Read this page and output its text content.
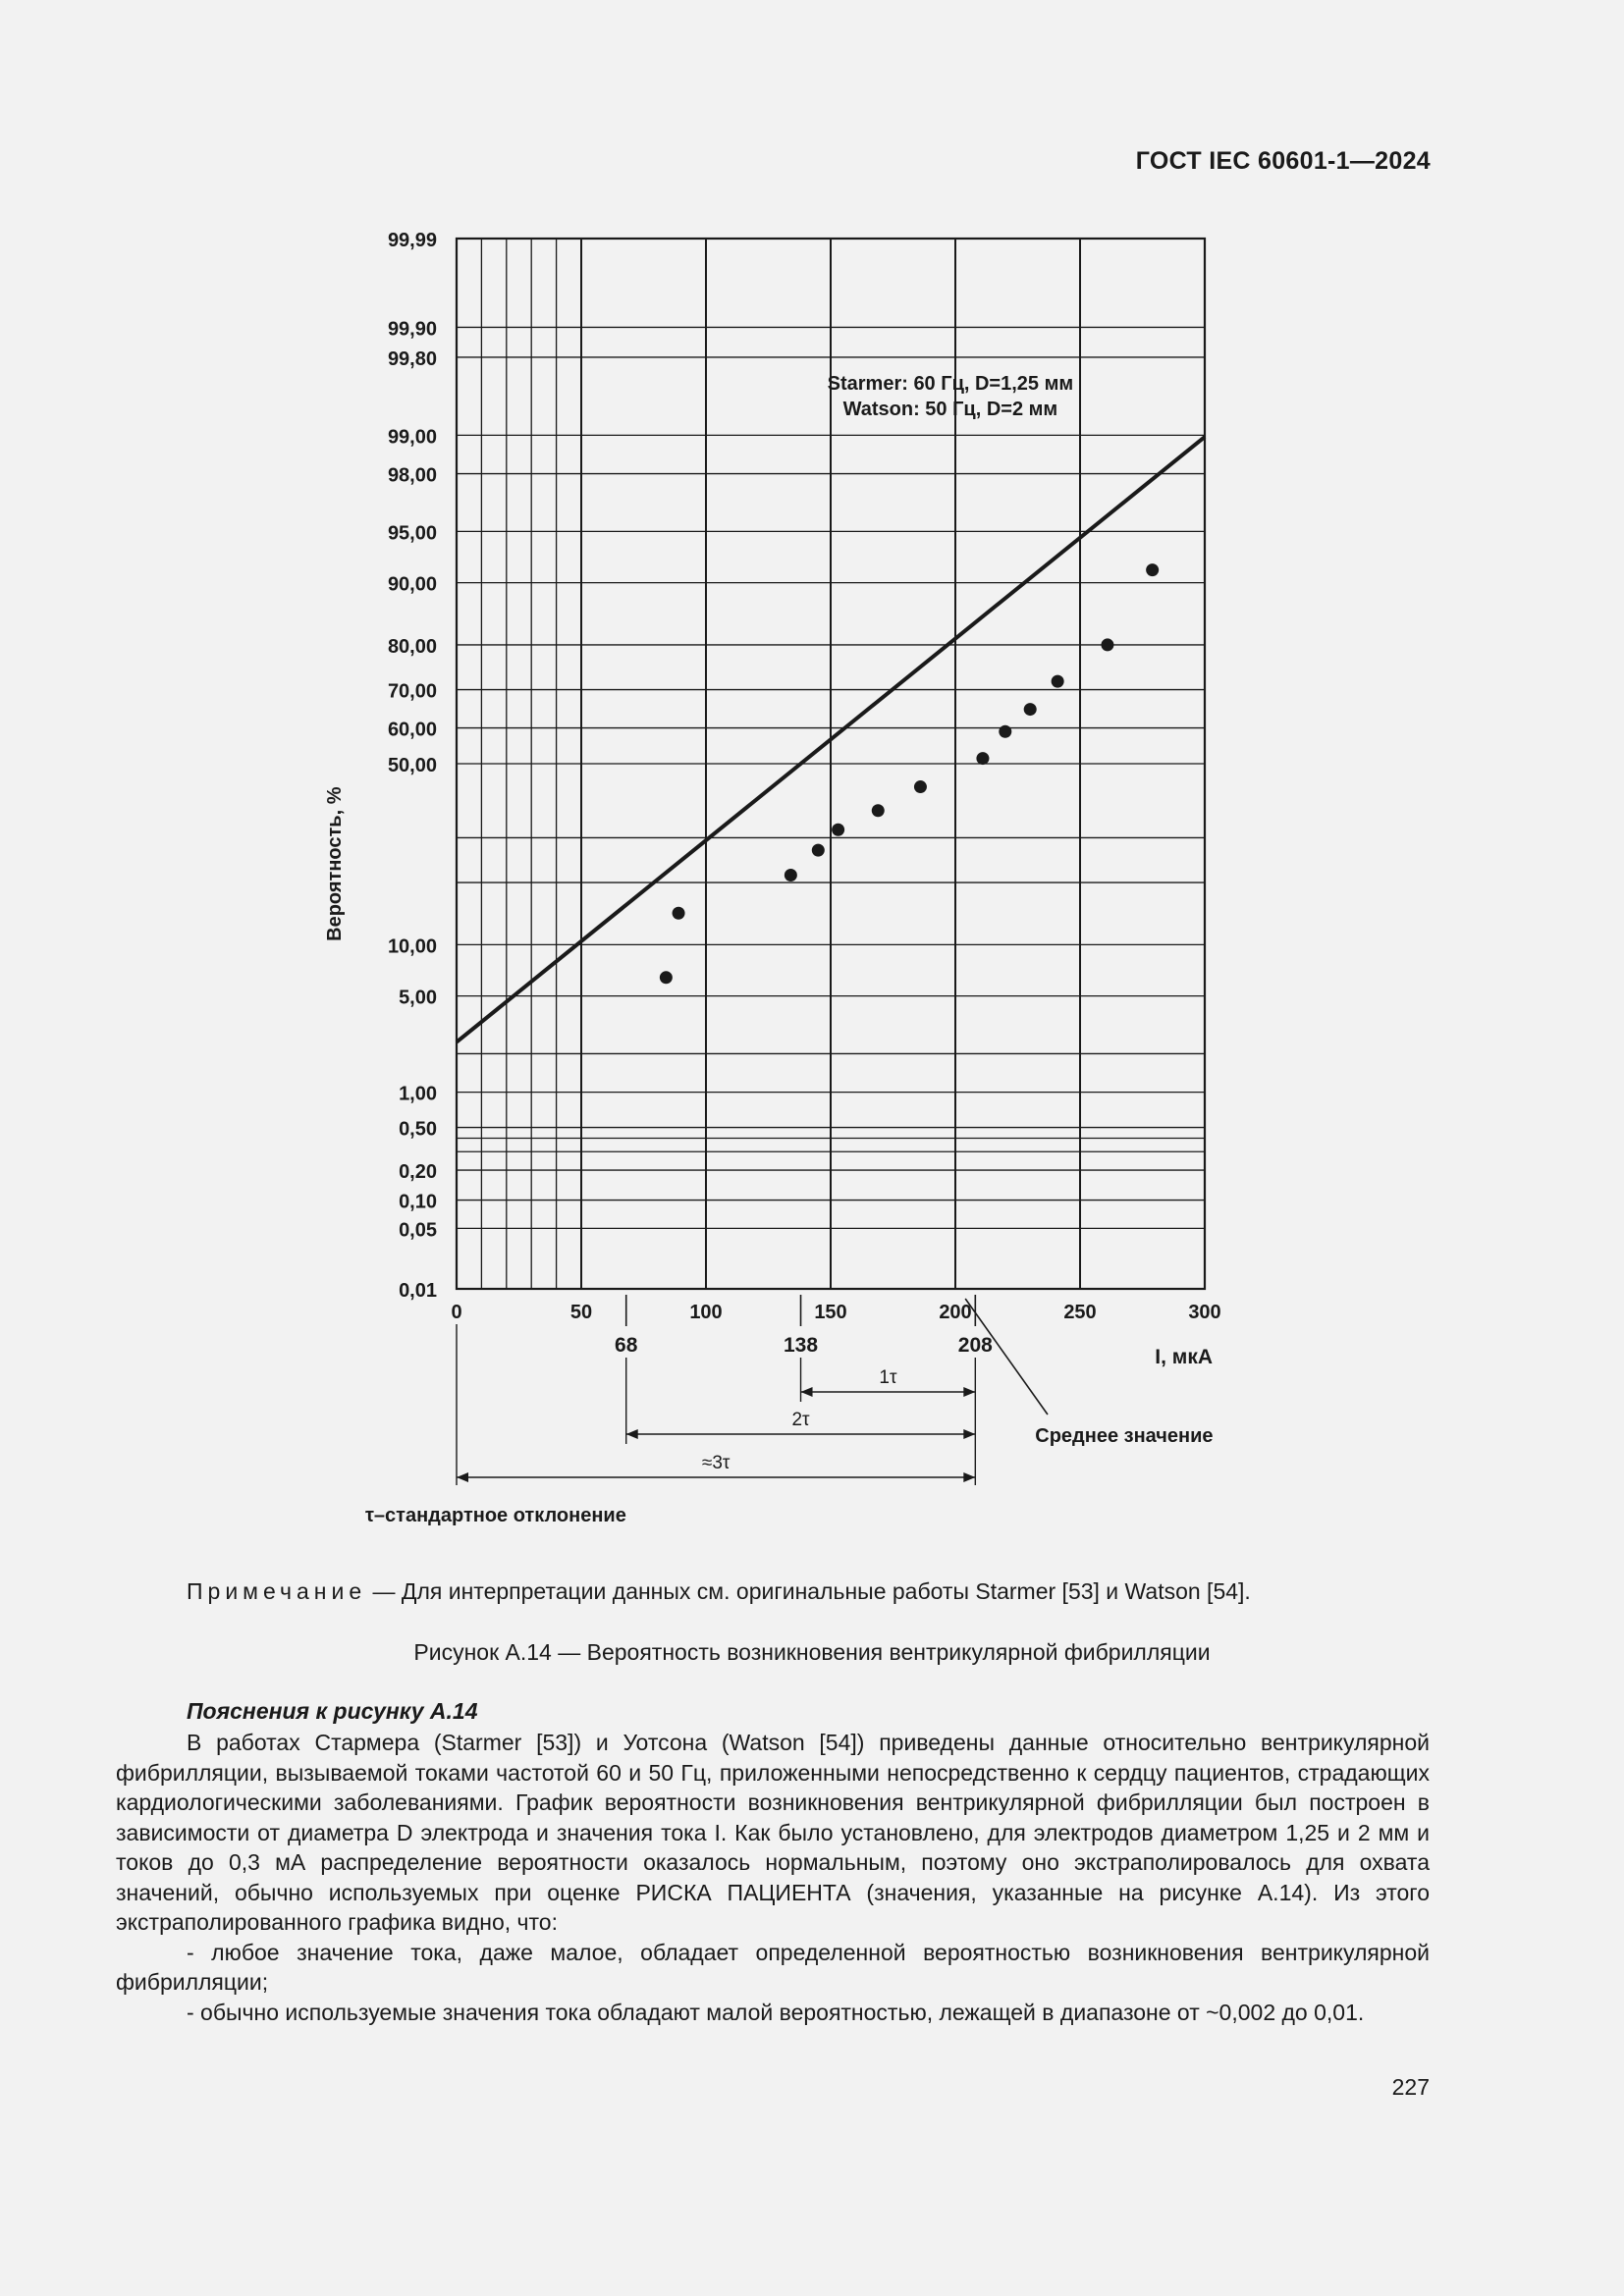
ГОСТ IEC 60601-1—2024
99,99
99,90
99,80
99,00
98,00
95,00
90,00
80,00
70,00
60,00
50,00
10,00
5,00
1,00
0,50
0,20
0,10
0,05
0,01
0	50	100	150	200	250	300
Вероятность, %
I, мкА
Starmer: 60 Гц, D=1,25 мм
Watson: 50 Гц, D=2 мм
68	138	208
1τ
2τ
≈3τ
Среднее значение
τ–стандартное отклонение
Примечание — Для интерпретации данных см. оригинальные работы Starmer [53] и Watson [54].
Рисунок А.14 — Вероятность возникновения вентрикулярной фибрилляции
Пояснения к рисунку А.14

В работах Стармера (Starmer [53]) и Уотсона (Watson [54]) приведены данные относительно вентрикулярной фибрилляции, вызываемой токами частотой 60 и 50 Гц, приложенными непосредственно к сердцу пациентов, страдающих кардиологическими заболеваниями. График вероятности возникновения вентрикулярной фибрилляции был построен в зависимости от диаметра D электрода и значения тока I. Как было установлено, для электродов диаметром 1,25 и 2 мм и токов до 0,3 мА распределение вероятности оказалось нормальным, поэтому оно экстраполировалось для охвата значений, обычно используемых при оценке РИСКА ПАЦИЕНТА (значения, указанные на рисунке А.14). Из этого экстраполированного графика видно, что:

- любое значение тока, даже малое, обладает определенной вероятностью возникновения вентрикулярной фибрилляции;

- обычно используемые значения тока обладают малой вероятностью, лежащей в диапазоне от ~0,002 до 0,01.

227
